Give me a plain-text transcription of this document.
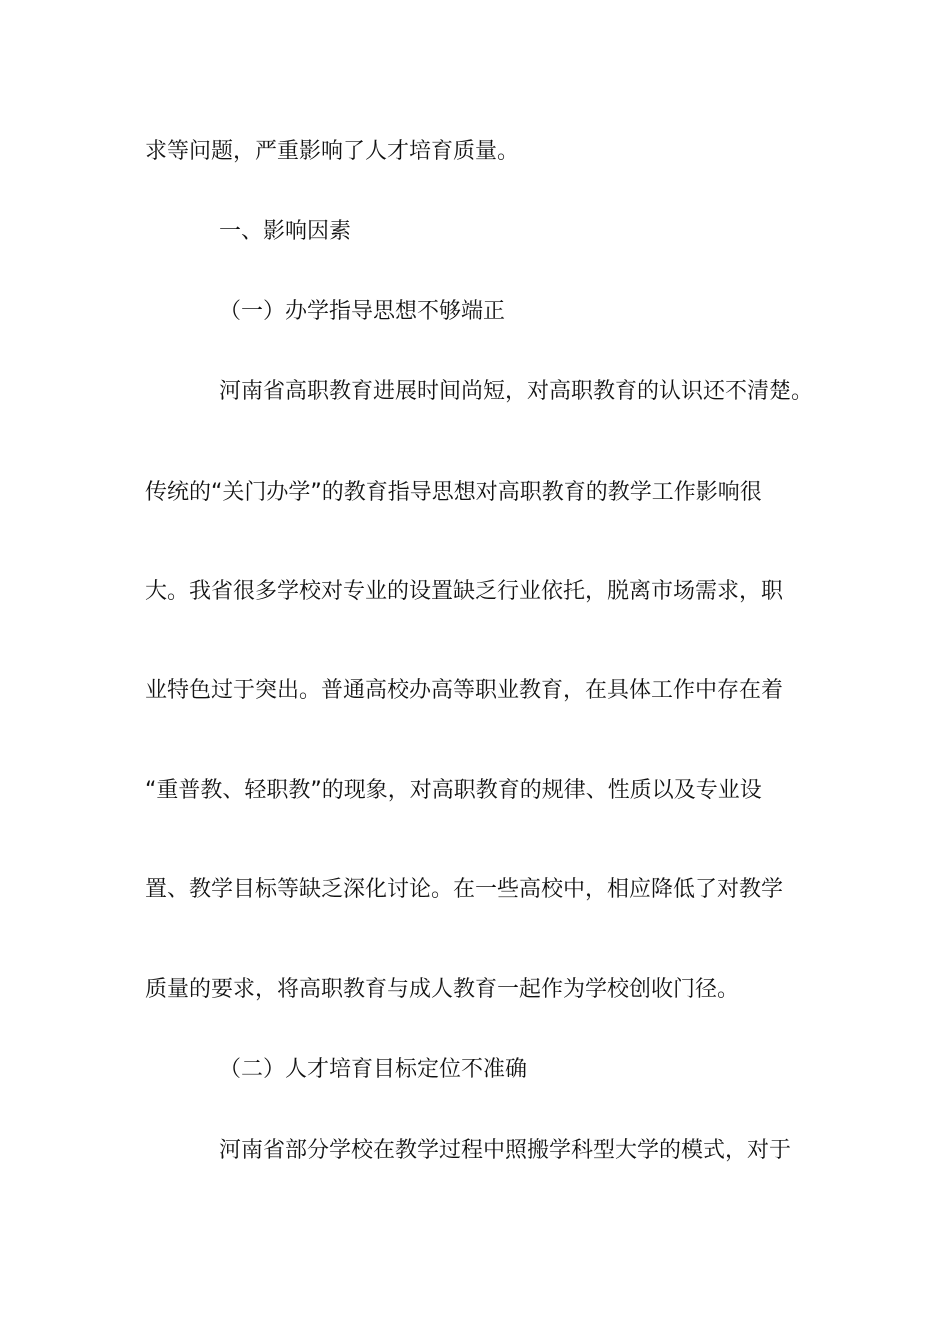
求等问题，严重影响了人才培育质量。
一、影响因素
（一）办学指导思想不够端正
河南省高职教育进展时间尚短，对高职教育的认识还不清楚。
传统的“关门办学”的教育指导思想对高职教育的教学工作影响很
大。我省很多学校对专业的设置缺乏行业依托，脱离市场需求，职
业特色过于突出。普通高校办高等职业教育，在具体工作中存在着
“重普教、轻职教”的现象，对高职教育的规律、性质以及专业设
置、教学目标等缺乏深化讨论。在一些高校中，相应降低了对教学
质量的要求，将高职教育与成人教育一起作为学校创收门径。
（二）人才培育目标定位不准确
河南省部分学校在教学过程中照搬学科型大学的模式，对于
